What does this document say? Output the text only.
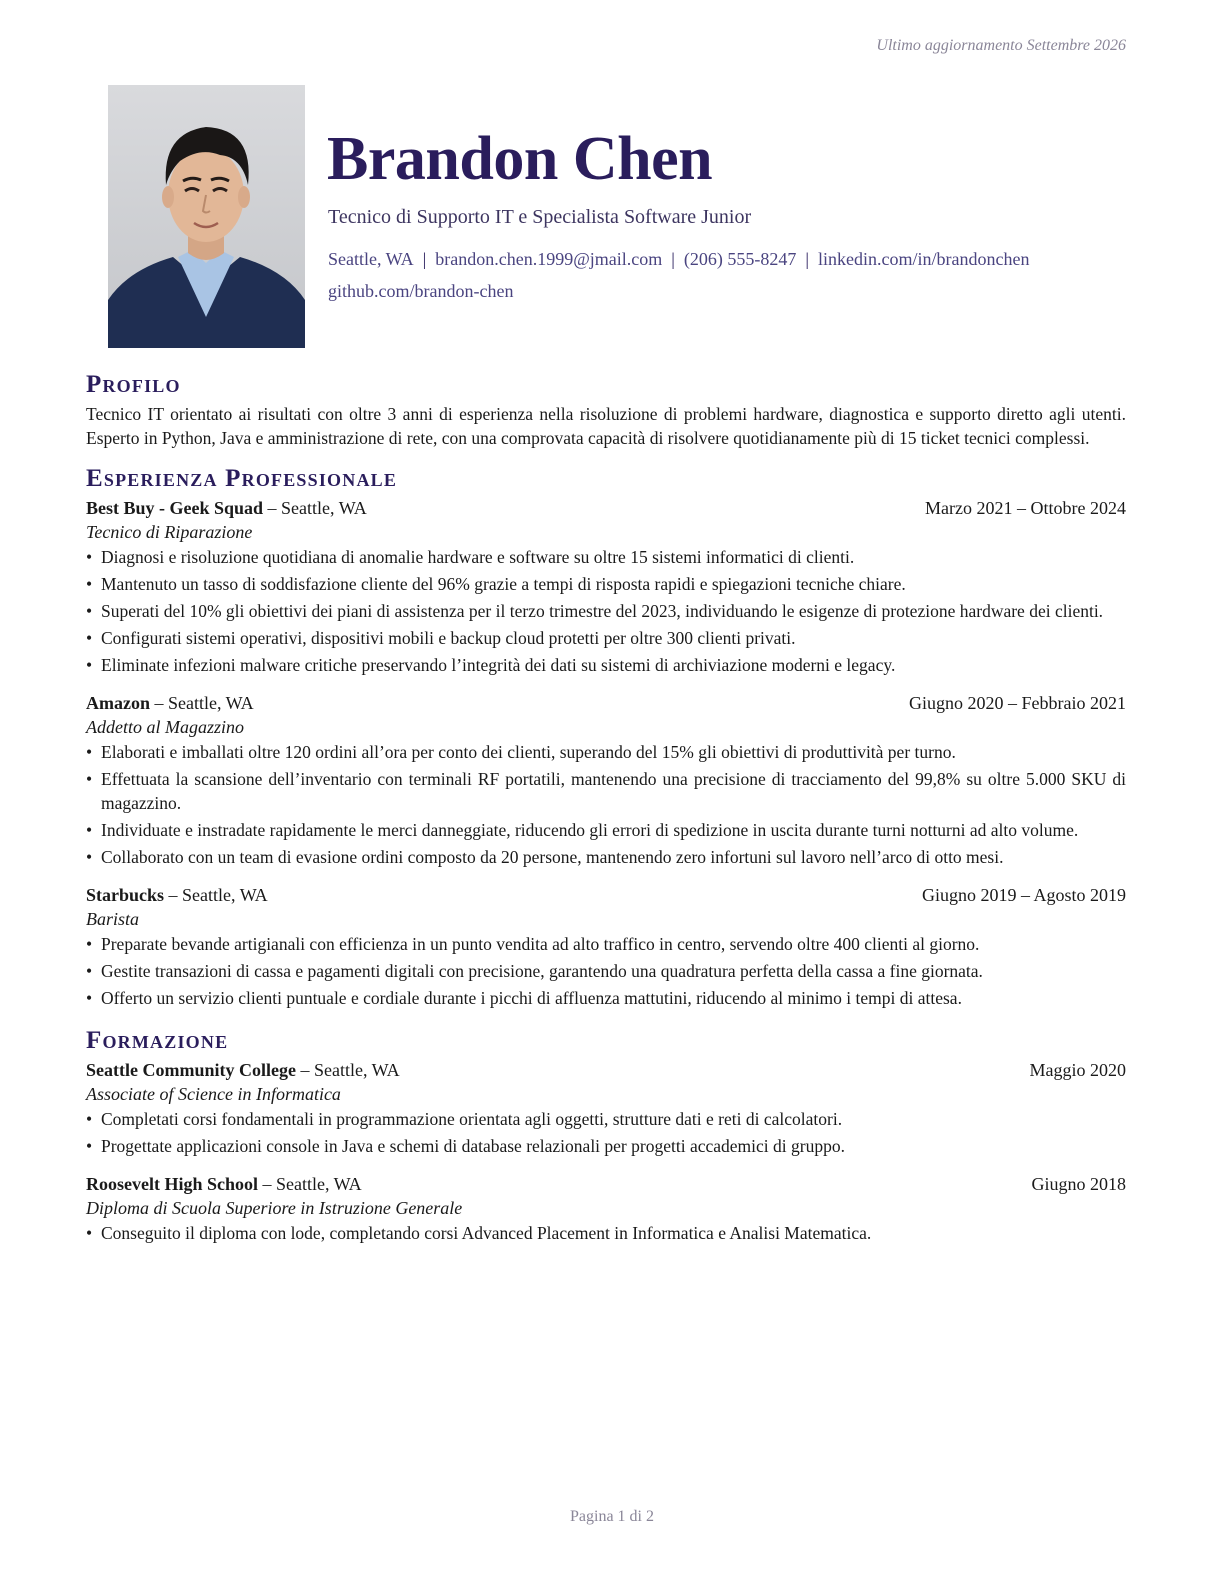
Ultimo aggiornamento Settembre 2026
Brandon Chen
Tecnico di Supporto IT e Specialista Software Junior
Seattle, WA | brandon.chen.1999@jmail.com | (206) 555-8247 | linkedin.com/in/brandonchen
github.com/brandon-chen
Profilo

Tecnico IT orientato ai risultati con oltre 3 anni di esperienza nella risoluzione di problemi hardware, diagnostica e supporto diretto agli utenti. Esperto in Python, Java e amministrazione di rete, con una comprovata capacità di risolvere quotidianamente più di 15 ticket tecnici complessi.

Esperienza Professionale
Best Buy - Geek Squad – Seattle, WA	Marzo 2021 – Ottobre 2024
Tecnico di Riparazione
• Diagnosi e risoluzione quotidiana di anomalie hardware e software su oltre 15 sistemi informatici di clienti.
• Mantenuto un tasso di soddisfazione cliente del 96% grazie a tempi di risposta rapidi e spiegazioni tecniche chiare.
• Superati del 10% gli obiettivi dei piani di assistenza per il terzo trimestre del 2023, individuando le esigenze di protezione hardware dei clienti.
• Configurati sistemi operativi, dispositivi mobili e backup cloud protetti per oltre 300 clienti privati.
• Eliminate infezioni malware critiche preservando l’integrità dei dati su sistemi di archiviazione moderni e legacy.
Amazon – Seattle, WA	Giugno 2020 – Febbraio 2021
Addetto al Magazzino
• Elaborati e imballati oltre 120 ordini all’ora per conto dei clienti, superando del 15% gli obiettivi di produttività per turno.
• Effettuata la scansione dell’inventario con terminali RF portatili, mantenendo una precisione di tracciamento del 99,8% su oltre 5.000 SKU di magazzino.
• Individuate e instradate rapidamente le merci danneggiate, riducendo gli errori di spedizione in uscita durante turni notturni ad alto volume.
• Collaborato con un team di evasione ordini composto da 20 persone, mantenendo zero infortuni sul lavoro nell’arco di otto mesi.
Starbucks – Seattle, WA	Giugno 2019 – Agosto 2019
Barista
• Preparate bevande artigianali con efficienza in un punto vendita ad alto traffico in centro, servendo oltre 400 clienti al giorno.
• Gestite transazioni di cassa e pagamenti digitali con precisione, garantendo una quadratura perfetta della cassa a fine giornata.
• Offerto un servizio clienti puntuale e cordiale durante i picchi di affluenza mattutini, riducendo al minimo i tempi di attesa.
Formazione
Seattle Community College – Seattle, WA	Maggio 2020
Associate of Science in Informatica
• Completati corsi fondamentali in programmazione orientata agli oggetti, strutture dati e reti di calcolatori.
• Progettate applicazioni console in Java e schemi di database relazionali per progetti accademici di gruppo.
Roosevelt High School – Seattle, WA	Giugno 2018
Diploma di Scuola Superiore in Istruzione Generale
• Conseguito il diploma con lode, completando corsi Advanced Placement in Informatica e Analisi Matematica.
Pagina 1 di 2
